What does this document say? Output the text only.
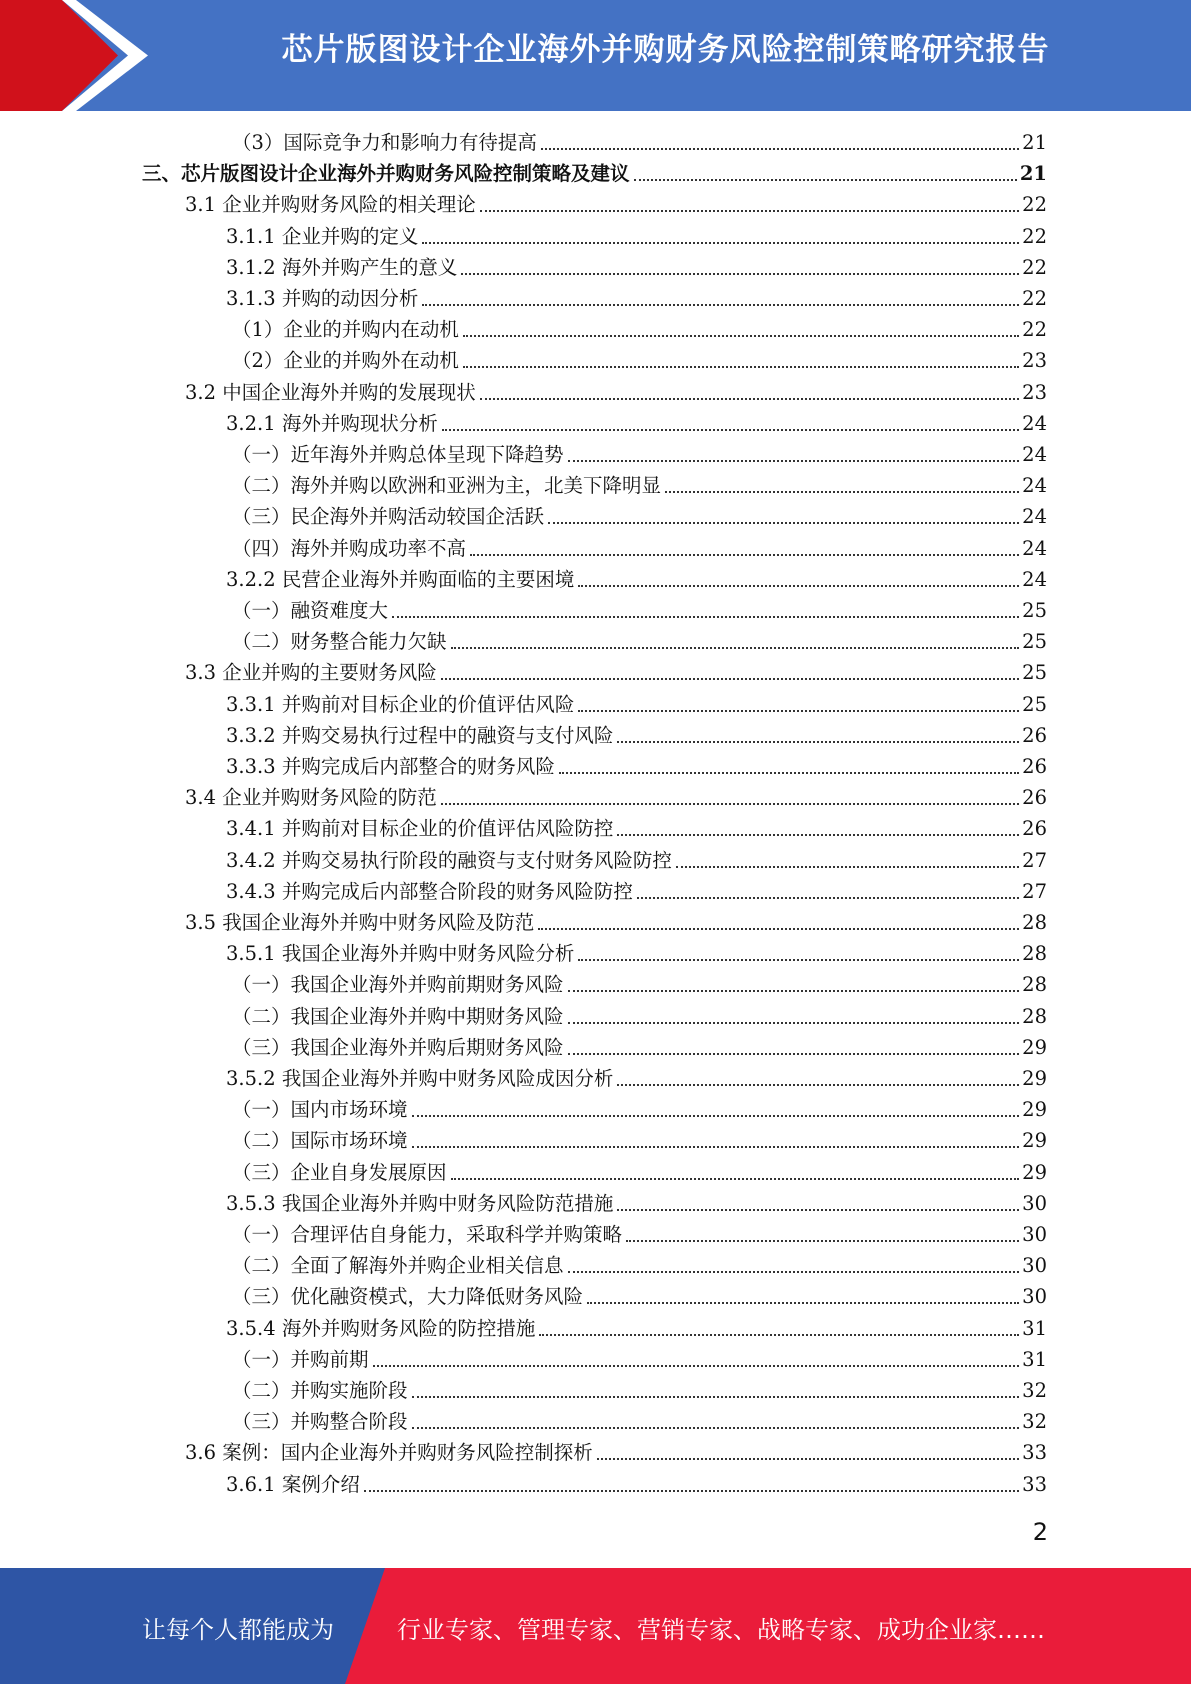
芯片版图设计企业海外并购财务风险控制策略研究报告
（3）国际竞争力和影响力有待提高	21
三、芯片版图设计企业海外并购财务风险控制策略及建议	21
3.1 企业并购财务风险的相关理论	22
3.1.1 企业并购的定义	22
3.1.2 海外并购产生的意义	22
3.1.3 并购的动因分析	22
（1）企业的并购内在动机	22
（2）企业的并购外在动机	23
3.2 中国企业海外并购的发展现状	23
3.2.1 海外并购现状分析	24
（一）近年海外并购总体呈现下降趋势	24
（二）海外并购以欧洲和亚洲为主，北美下降明显	24
（三）民企海外并购活动较国企活跃	24
（四）海外并购成功率不高	24
3.2.2 民营企业海外并购面临的主要困境	24
（一）融资难度大	25
（二）财务整合能力欠缺	25
3.3 企业并购的主要财务风险	25
3.3.1 并购前对目标企业的价值评估风险	25
3.3.2 并购交易执行过程中的融资与支付风险	26
3.3.3 并购完成后内部整合的财务风险	26
3.4 企业并购财务风险的防范	26
3.4.1 并购前对目标企业的价值评估风险防控	26
3.4.2 并购交易执行阶段的融资与支付财务风险防控	27
3.4.3 并购完成后内部整合阶段的财务风险防控	27
3.5 我国企业海外并购中财务风险及防范	28
3.5.1 我国企业海外并购中财务风险分析	28
（一）我国企业海外并购前期财务风险	28
（二）我国企业海外并购中期财务风险	28
（三）我国企业海外并购后期财务风险	29
3.5.2 我国企业海外并购中财务风险成因分析	29
（一）国内市场环境	29
（二）国际市场环境	29
（三）企业自身发展原因	29
3.5.3 我国企业海外并购中财务风险防范措施	30
（一）合理评估自身能力，采取科学并购策略	30
（二）全面了解海外并购企业相关信息	30
（三）优化融资模式，大力降低财务风险	30
3.5.4 海外并购财务风险的防控措施	31
（一）并购前期	31
（二）并购实施阶段	32
（三）并购整合阶段	32
3.6 案例：国内企业海外并购财务风险控制探析	33
3.6.1 案例介绍	33
2
让每个人都能成为	行业专家、管理专家、营销专家、战略专家、成功企业家……
